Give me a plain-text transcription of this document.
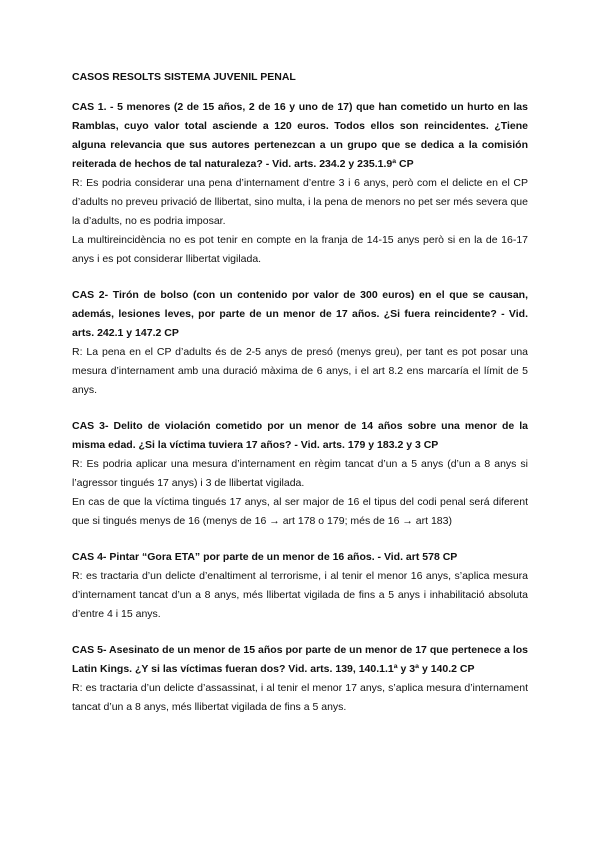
CASOS RESOLTS SISTEMA JUVENIL PENAL

CAS 1. - 5 menores (2 de 15 años, 2 de 16 y uno de 17) que han cometido un hurto en las Ramblas, cuyo valor total asciende a 120 euros. Todos ellos son reincidentes. ¿Tiene alguna relevancia que sus autores pertenezcan a un grupo que se dedica a la comisión reiterada de hechos de tal naturaleza? - Vid. arts. 234.2 y 235.1.9ª CP

R: Es podria considerar una pena d’internament d’entre 3 i 6 anys, però com el delicte en el CP d’adults no preveu privació de llibertat, sino multa, i la pena de menors no pet ser més severa que la d’adults, no es podria imposar.

La multireincidència no es pot tenir en compte en la franja de 14-15 anys però si en la de 16-17 anys i es pot considerar llibertat vigilada.

CAS 2- Tirón de bolso (con un contenido por valor de 300 euros) en el que se causan, además, lesiones leves, por parte de un menor de 17 años. ¿Si fuera reincidente? - Vid. arts. 242.1 y 147.2 CP

R: La pena en el CP d’adults és de 2-5 anys de presó (menys greu), per tant es pot posar una mesura d’internament amb una duració màxima de 6 anys, i el art 8.2 ens marcaría el límit de 5 anys.

CAS 3- Delito de violación cometido por un menor de 14 años sobre una menor de la misma edad. ¿Si la víctima tuviera 17 años? - Vid. arts. 179 y 183.2 y 3 CP

R: Es podria aplicar una mesura d’internament en règim tancat d’un a 5 anys (d’un a 8 anys si l’agressor tingués 17 anys) i 3 de llibertat vigilada.

En cas de que la víctima tingués 17 anys, al ser major de 16 el tipus del codi penal será diferent que si tingués menys de 16 (menys de 16 → art 178 o 179; més de 16 → art 183)

CAS 4- Pintar “Gora ETA” por parte de un menor de 16 años. - Vid. art 578 CP

R: es tractaria d’un delicte d’enaltiment al terrorisme, i al tenir el menor 16 anys, s’aplica mesura d’internament tancat d’un a 8 anys, més llibertat vigilada de fins a 5 anys i inhabilitació absoluta d’entre 4 i 15 anys.

CAS 5- Asesinato de un menor de 15 años por parte de un menor de 17 que pertenece a los Latin Kings. ¿Y si las víctimas fueran dos? Vid. arts. 139, 140.1.1ª y 3ª y 140.2 CP

R: es tractaria d’un delicte d’assassinat, i al tenir el menor 17 anys, s’aplica mesura d’internament tancat d’un a 8 anys, més llibertat vigilada de fins a 5 anys.
